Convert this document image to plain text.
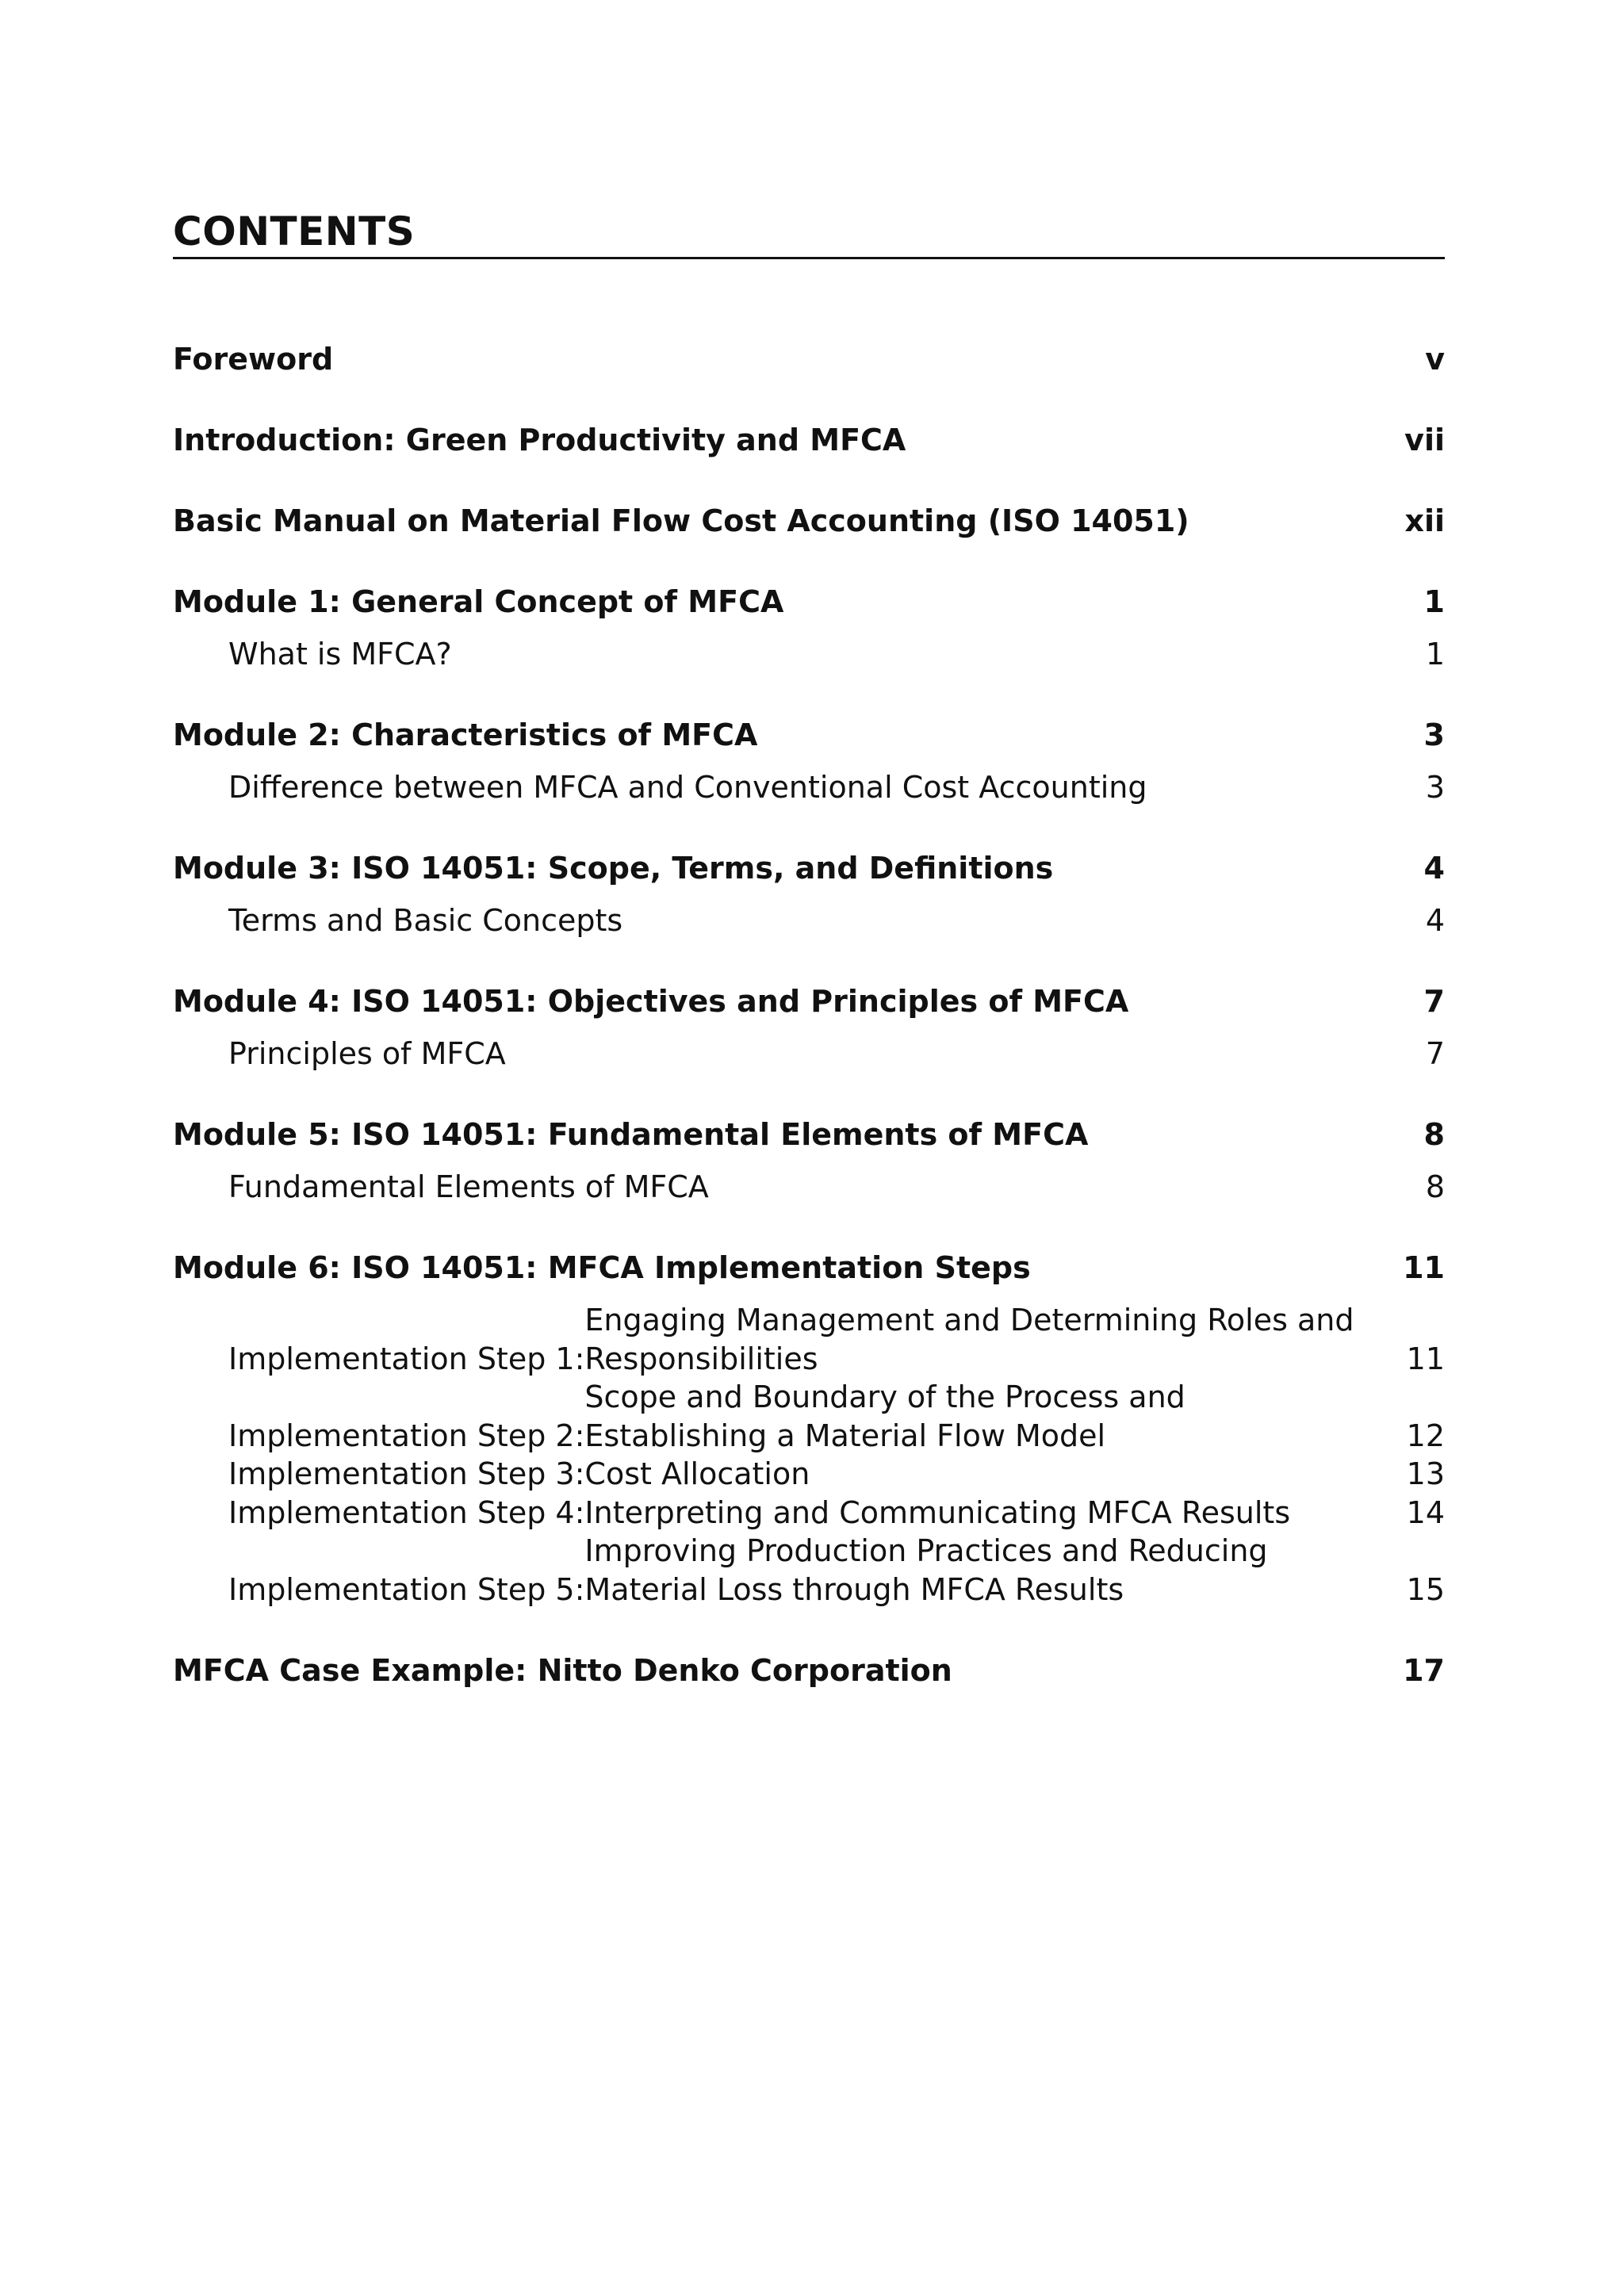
CONTENTS
Foreword	v
Introduction: Green Productivity and MFCA	vii
Basic Manual on Material Flow Cost Accounting (ISO 14051)	xii
Module 1: General Concept of MFCA	1
What is MFCA?	1
Module 2: Characteristics of MFCA	3
Difference between MFCA and Conventional Cost Accounting	3
Module 3: ISO 14051: Scope, Terms, and Definitions	4
Terms and Basic Concepts	4
Module 4: ISO 14051: Objectives and Principles of MFCA	7
Principles of MFCA	7
Module 5: ISO 14051: Fundamental Elements of MFCA	8
Fundamental Elements of MFCA	8
Module 6: ISO 14051: MFCA Implementation Steps	11
Implementation Step 1:
Engaging Management and Determining Roles and Responsibilities	11
Implementation Step 2:
Scope and Boundary of the Process and Establishing a Material Flow Model	12
Implementation Step 3: Cost Allocation	13
Implementation Step 4: Interpreting and Communicating MFCA Results	14
Implementation Step 5:
Improving Production Practices and Reducing Material Loss through MFCA Results	15
MFCA Case Example: Nitto Denko Corporation	17
